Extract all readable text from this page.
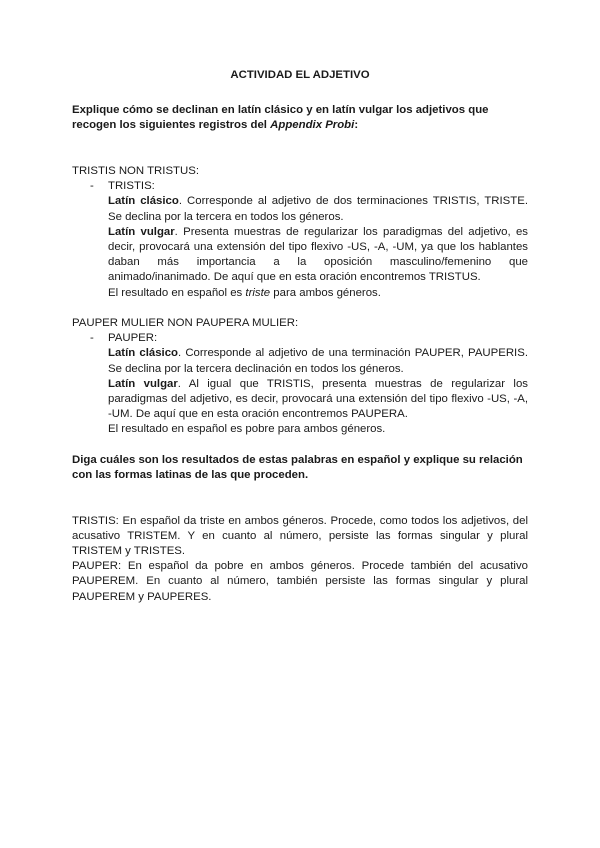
ACTIVIDAD EL ADJETIVO

Explique cómo se declinan en latín clásico y en latín vulgar los adjetivos que recogen los siguientes registros del Appendix Probi:

TRISTIS NON TRISTUS:

- TRISTIS:

Latín clásico. Corresponde al adjetivo de dos terminaciones TRISTIS, TRISTE. Se declina por la tercera en todos los géneros.

Latín vulgar. Presenta muestras de regularizar los paradigmas del adjetivo, es decir, provocará una extensión del tipo flexivo -US, -A, -UM, ya que los hablantes daban más importancia a la oposición masculino/femenino que animado/inanimado. De aquí que en esta oración encontremos TRISTUS.

El resultado en español es triste para ambos géneros.

PAUPER MULIER NON PAUPERA MULIER:

- PAUPER:

Latín clásico. Corresponde al adjetivo de una terminación PAUPER, PAUPERIS. Se declina por la tercera declinación en todos los géneros.

Latín vulgar. Al igual que TRISTIS, presenta muestras de regularizar los paradigmas del adjetivo, es decir, provocará una extensión del tipo flexivo -US, -A, -UM. De aquí que en esta oración encontremos PAUPERA.

El resultado en español es pobre para ambos géneros.

Diga cuáles son los resultados de estas palabras en español y explique su relación con las formas latinas de las que proceden.

TRISTIS: En español da triste en ambos géneros. Procede, como todos los adjetivos, del acusativo TRISTEM. Y en cuanto al número, persiste las formas singular y plural TRISTEM y TRISTES.

PAUPER: En español da pobre en ambos géneros. Procede también del acusativo PAUPEREM. En cuanto al número, también persiste las formas singular y plural PAUPEREM y PAUPERES.
